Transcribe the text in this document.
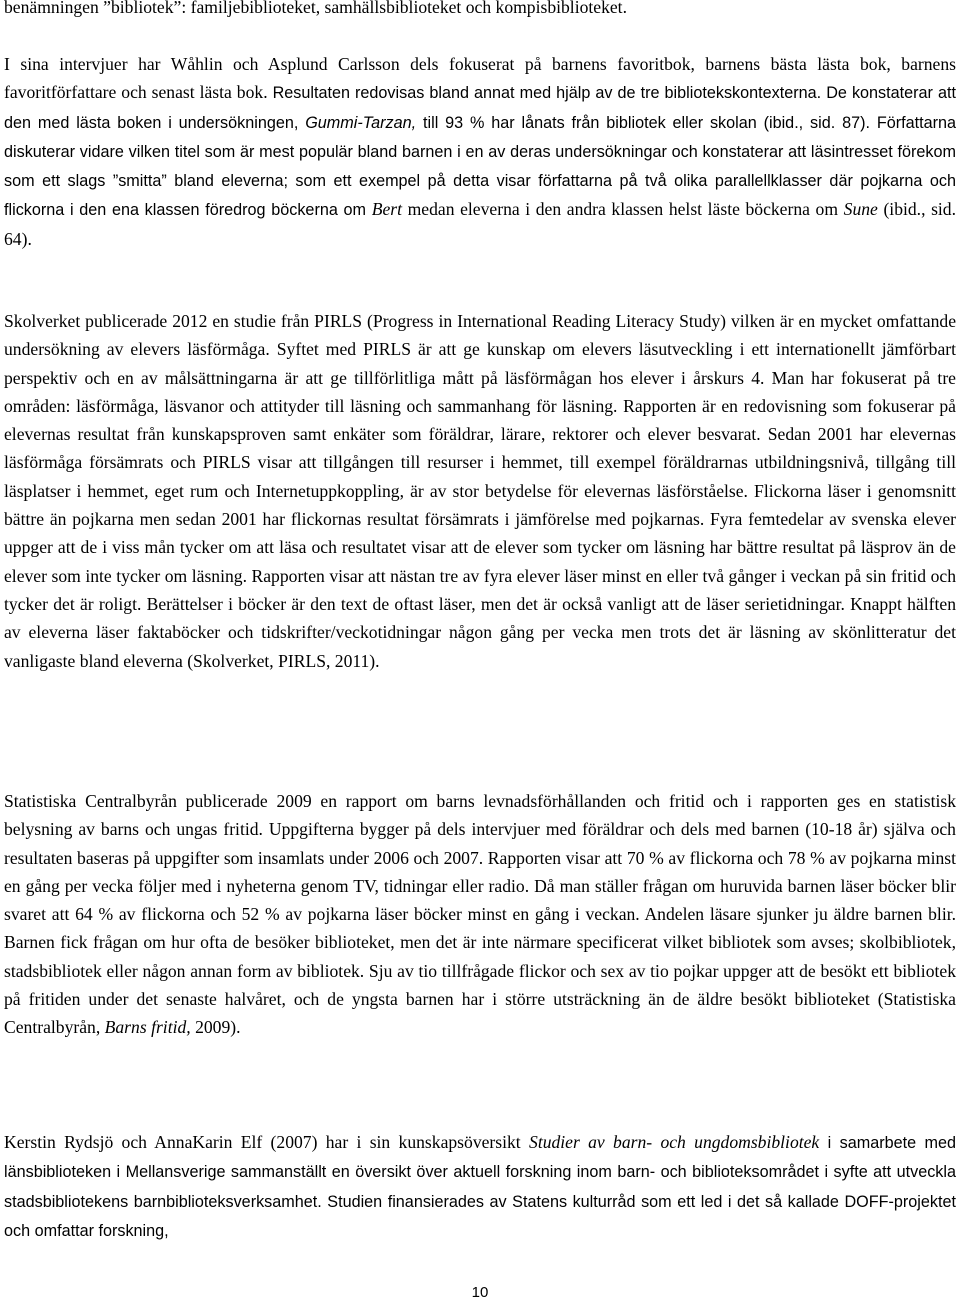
benämningen ”bibliotek”: familjebiblioteket, samhällsbiblioteket och kompisbiblioteket.

I sina intervjuer har Wåhlin och Asplund Carlsson dels fokuserat på barnens favoritbok, barnens bästa lästa bok, barnens favoritförfattare och senast lästa bok. Resultaten redovisas bland annat med hjälp av de tre bibliotekskontexterna. De konstaterar att den med lästa boken i undersökningen, Gummi-Tarzan, till 93 % har lånats från bibliotek eller skolan (ibid., sid. 87). Författarna diskuterar vidare vilken titel som är mest populär bland barnen i en av deras undersökningar och konstaterar att läsintresset förekom som ett slags ”smitta” bland eleverna; som ett exempel på detta visar författarna på två olika parallellklasser där pojkarna och flickorna i den ena klassen föredrog böckerna om Bert medan eleverna i den andra klassen helst läste böckerna om Sune (ibid., sid. 64).

Skolverket publicerade 2012 en studie från PIRLS (Progress in International Reading Literacy Study) vilken är en mycket omfattande undersökning av elevers läsförmåga. Syftet med PIRLS är att ge kunskap om elevers läsutveckling i ett internationellt jämförbart perspektiv och en av målsättningarna är att ge tillförlitliga mått på läsförmågan hos elever i årskurs 4. Man har fokuserat på tre områden: läsförmåga, läsvanor och attityder till läsning och sammanhang för läsning. Rapporten är en redovisning som fokuserar på elevernas resultat från kunskapsproven samt enkäter som föräldrar, lärare, rektorer och elever besvarat. Sedan 2001 har elevernas läsförmåga försämrats och PIRLS visar att tillgången till resurser i hemmet, till exempel föräldrarnas utbildningsnivå, tillgång till läsplatser i hemmet, eget rum och Internetuppkoppling, är av stor betydelse för elevernas läsförståelse. Flickorna läser i genomsnitt bättre än pojkarna men sedan 2001 har flickornas resultat försämrats i jämförelse med pojkarnas. Fyra femtedelar av svenska elever uppger att de i viss mån tycker om att läsa och resultatet visar att de elever som tycker om läsning har bättre resultat på läsprov än de elever som inte tycker om läsning. Rapporten visar att nästan tre av fyra elever läser minst en eller två gånger i veckan på sin fritid och tycker det är roligt. Berättelser i böcker är den text de oftast läser, men det är också vanligt att de läser serietidningar. Knappt hälften av eleverna läser faktaböcker och tidskrifter/veckotidningar någon gång per vecka men trots det är läsning av skönlitteratur det vanligaste bland eleverna (Skolverket, PIRLS, 2011).

Statistiska Centralbyrån publicerade 2009 en rapport om barns levnadsförhållanden och fritid och i rapporten ges en statistisk belysning av barns och ungas fritid. Uppgifterna bygger på dels intervjuer med föräldrar och dels med barnen (10-18 år) själva och resultaten baseras på uppgifter som insamlats under 2006 och 2007. Rapporten visar att 70 % av flickorna och 78 % av pojkarna minst en gång per vecka följer med i nyheterna genom TV, tidningar eller radio. Då man ställer frågan om huruvida barnen läser böcker blir svaret att 64 % av flickorna och 52 % av pojkarna läser böcker minst en gång i veckan. Andelen läsare sjunker ju äldre barnen blir. Barnen fick frågan om hur ofta de besöker biblioteket, men det är inte närmare specificerat vilket bibliotek som avses; skolbibliotek, stadsbibliotek eller någon annan form av bibliotek. Sju av tio tillfrågade flickor och sex av tio pojkar uppger att de besökt ett bibliotek på fritiden under det senaste halvåret, och de yngsta barnen har i större utsträckning än de äldre besökt biblioteket (Statistiska Centralbyrån, Barns fritid, 2009).

Kerstin Rydsjö och AnnaKarin Elf (2007) har i sin kunskapsöversikt Studier av barn- och ungdomsbibliotek i samarbete med länsbiblioteken i Mellansverige sammanställt en översikt över aktuell forskning inom barn- och biblioteksområdet i syfte att utveckla stadsbibliotekens barnbiblioteksverksamhet. Studien finansierades av Statens kulturråd som ett led i det så kallade DOFF-projektet och omfattar forskning,

10
